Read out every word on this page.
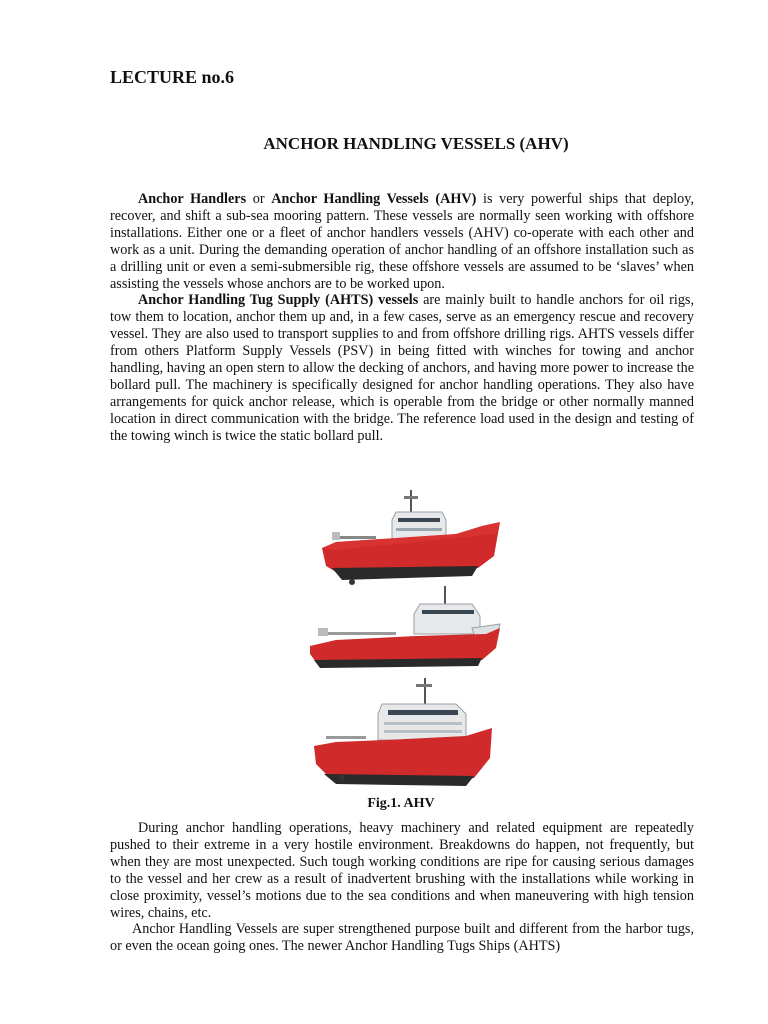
LECTURE no.6
ANCHOR HANDLING VESSELS (AHV)

Anchor Handlers or Anchor Handling Vessels (AHV) is very powerful ships that deploy, recover, and shift a sub-sea mooring pattern. These vessels are normally seen working with offshore installations. Either one or a fleet of anchor handlers vessels (AHV) co-operate with each other and work as a unit. During the demanding operation of anchor handling of an offshore installation such as a drilling unit or even a semi-submersible rig, these offshore vessels are assumed to be ‘slaves’ when assisting the vessels whose anchors are to be worked upon.

Anchor Handling Tug Supply (AHTS) vessels are mainly built to handle anchors for oil rigs, tow them to location, anchor them up and, in a few cases, serve as an emergency rescue and recovery vessel. They are also used to transport supplies to and from offshore drilling rigs. AHTS vessels differ from others Platform Supply Vessels (PSV) in being fitted with winches for towing and anchor handling, having an open stern to allow the decking of anchors, and having more power to increase the bollard pull. The machinery is specifically designed for anchor handling operations. They also have arrangements for quick anchor release, which is operable from the bridge or other normally manned location in direct communication with the bridge. The reference load used in the design and testing of the towing winch is twice the static bollard pull.

Fig.1. AHV

During anchor handling operations, heavy machinery and related equipment are repeatedly pushed to their extreme in a very hostile environment. Breakdowns do happen, not frequently, but when they are most unexpected. Such tough working conditions are ripe for causing serious damages to the vessel and her crew as a result of inadvertent brushing with the installations while working in close proximity, vessel’s motions due to the sea conditions and when maneuvering with high tension wires, chains, etc.

Anchor Handling Vessels are super strengthened purpose built and different from the harbor tugs, or even the ocean going ones. The newer Anchor Handling Tugs Ships (AHTS)
